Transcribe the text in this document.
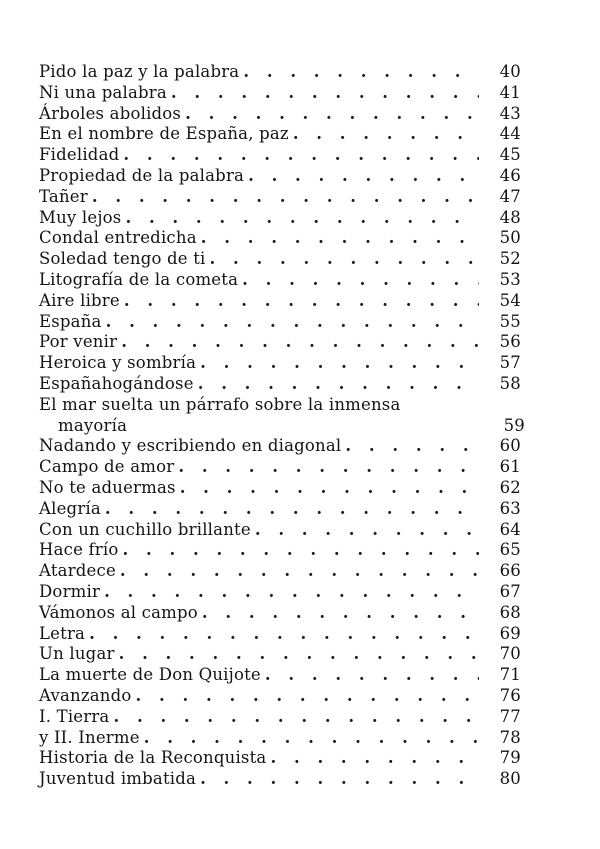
Pido la paz y la palabra . . .	40
Ni una palabra . . .	41
Árboles abolidos . . .	43
En el nombre de España, paz . . .	44
Fidelidad . . .	45
Propiedad de la palabra . . .	46
Tañer . . .	47
Muy lejos . . .	48
Condal entredicha . . .	50
Soledad tengo de ti . . .	52
Litografía de la cometa . . .	53
Aire libre . . .	54
España . . .	55
Por venir . . .	56
Heroica y sombría . . .	57
Españahogándose . . .	58
El mar suelta un párrafo sobre la inmensa
mayoría	59
Nadando y escribiendo en diagonal . . .	60
Campo de amor . . .	61
No te aduermas . . .	62
Alegría . . .	63
Con un cuchillo brillante . . .	64
Hace frío . . .	65
Atardece . . .	66
Dormir . . .	67
Vámonos al campo . . .	68
Letra . . .	69
Un lugar . . .	70
La muerte de Don Quijote . . .	71
Avanzando . . .	76
I. Tierra . . .	77
y II. Inerme . . .	78
Historia de la Reconquista . . .	79
Juventud imbatida . . .	80
